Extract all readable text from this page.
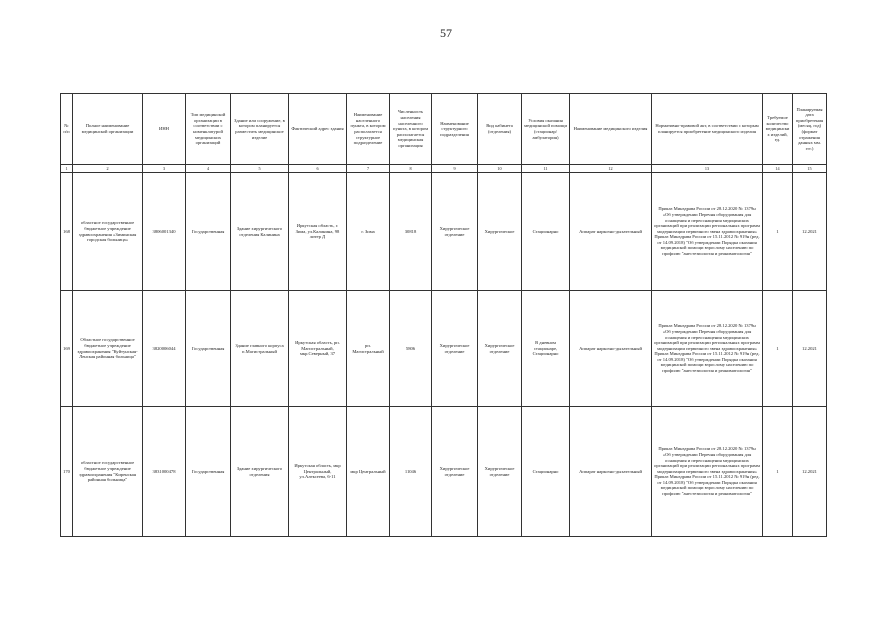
57
№ п/п	Полное наименование медицинской организации	ИНН	Тип медицинской организации в соответствии с номенклатурой медицинских организаций	Здание или сооружение, в котором планируется разместить медицинское изделие	Фактический адрес здания	Наименование населенного пункта, в котором располагается структурное подразделение	Численность населения населенного пункта, в котором располагается медицинская организация	Наименование структурного подразделения	Вид кабинета (отделения)	Условия оказания медицинской помощи (стационар/амбулатория)	Наименование медицинского изделия	Нормативно-правовой акт, в соответствии с которым планируется приобретение медицинского изделия	Требуемое количество медицинских изделий, ед.	Планируемая дата приобретения (месяц, год) (формат отражения данных мм. ггг.)
1	2	3	4	5	6	7	8	9	10	11	12	13	14	15
168	областное государственное бюджетное учреждение здравоохранения «Зиминская городская больница»	3806001340	Государственная	Здание хирургического отделения Калинина	Иркутская область, г. Зима, ул.Калинина, 98 литер Д	г. Зима	30818	Хирургическое отделение	Хирургическое	Стационарно	Аппарат наркозно-дыхательный	Приказ Минздрава России от 28.12.2020 № 1379н «Об утверждении Перечня оборудования для оснащения и переоснащения медицинских организаций при реализации региональных программ модернизации первичного звена здравоохранения» Приказ Минздрава России от 15.11.2012 № 919н (ред. от 14.09.2018) "Об утверждении Порядка оказания медицинской помощи взрослому населению по профилю "анестезиология и реаниматология"	1	12.2021
169	Областное государственное бюджетное учреждение здравоохранения "Куйтунская-Ленская районная больница"	3820006044	Государственная	Здание главного корпуса п.Магистральный	Иркутская область, рп. Магистральный, мкр.Северный, 37	рп. Магистральный	5806	Хирургическое отделение	Хирургическое отделение	В дневном стационаре, Стационарно	Аппарат наркозно-дыхательный	Приказ Минздрава России от 28.12.2020 № 1379н «Об утверждении Перечня оборудования для оснащения и переоснащения медицинских организаций при реализации региональных программ модернизации первичного звена здравоохранения» Приказ Минздрава России от 15.11.2012 № 919н (ред. от 14.09.2018) "Об утверждении Порядка оказания медицинской помощи взрослому населению по профилю "анестезиология и реаниматология"	1	12.2021
170	областное государственное бюджетное учреждение здравоохранения "Киренская районная больница"	3831000478	Государственная	Здание хирургического отделения	Иркутская область, мкр Центральный, ул.Алексеева, 6-11	мкр Центральный	11046	Хирургическое отделение	Хирургическое отделение	Стационарно	Аппарат наркозно-дыхательный	Приказ Минздрава России от 28.12.2020 № 1379н «Об утверждении Перечня оборудования для оснащения и переоснащения медицинских организаций при реализации региональных программ модернизации первичного звена здравоохранения» Приказ Минздрава России от 15.11.2012 № 919н (ред. от 14.09.2018) "Об утверждении Порядка оказания медицинской помощи взрослому населению по профилю "анестезиология и реаниматология"	1	12.2021
